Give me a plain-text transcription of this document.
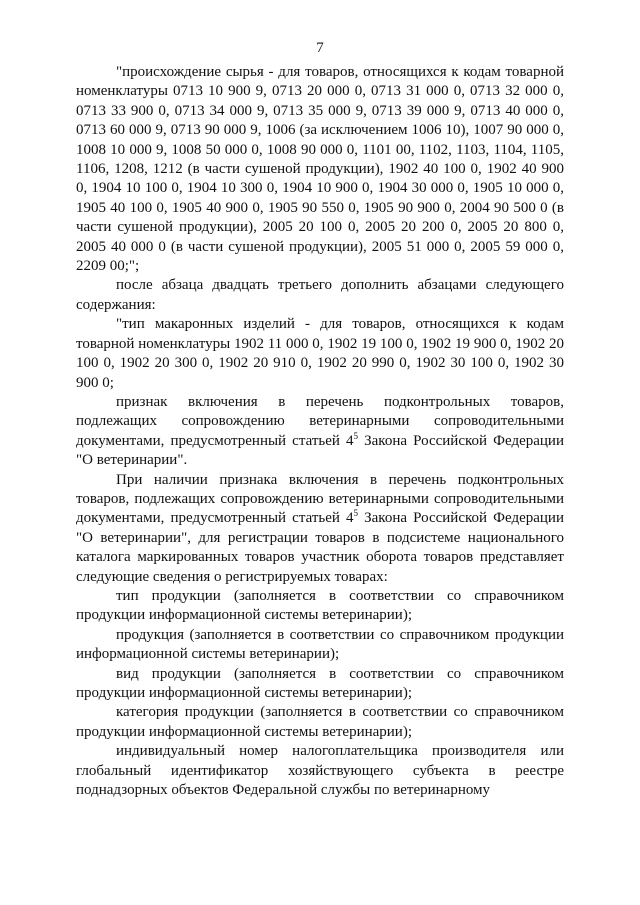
7

"происхождение сырья - для товаров, относящихся к кодам товарной номенклатуры 0713 10 900 9, 0713 20 000 0, 0713 31 000 0, 0713 32 000 0, 0713 33 900 0, 0713 34 000 9, 0713 35 000 9, 0713 39 000 9, 0713 40 000 0, 0713 60 000 9, 0713 90 000 9, 1006 (за исключением 1006 10), 1007 90 000 0, 1008 10 000 9, 1008 50 000 0, 1008 90 000 0, 1101 00, 1102, 1103, 1104, 1105, 1106, 1208, 1212 (в части сушеной продукции), 1902 40 100 0, 1902 40 900 0, 1904 10 100 0, 1904 10 300 0, 1904 10 900 0, 1904 30 000 0, 1905 10 000 0, 1905 40 100 0, 1905 40 900 0, 1905 90 550 0, 1905 90 900 0, 2004 90 500 0 (в части сушеной продукции), 2005 20 100 0, 2005 20 200 0, 2005 20 800 0, 2005 40 000 0 (в части сушеной продукции), 2005 51 000 0, 2005 59 000 0, 2209 00;";

после абзаца двадцать третьего дополнить абзацами следующего содержания:

"тип макаронных изделий - для товаров, относящихся к кодам товарной номенклатуры 1902 11 000 0, 1902 19 100 0, 1902 19 900 0, 1902 20 100 0, 1902 20 300 0, 1902 20 910 0, 1902 20 990 0, 1902 30 100 0, 1902 30 900 0;

признак включения в перечень подконтрольных товаров, подлежащих сопровождению ветеринарными сопроводительными документами, предусмотренный статьей $4^5$ Закона Российской Федерации "О ветеринарии".

При наличии признака включения в перечень подконтрольных товаров, подлежащих сопровождению ветеринарными сопроводительными документами, предусмотренный статьей $4^5$ Закона Российской Федерации "О ветеринарии", для регистрации товаров в подсистеме национального каталога маркированных товаров участник оборота товаров представляет следующие сведения о регистрируемых товарах:

тип продукции (заполняется в соответствии со справочником продукции информационной системы ветеринарии);

продукция (заполняется в соответствии со справочником продукции информационной системы ветеринарии);

вид продукции (заполняется в соответствии со справочником продукции информационной системы ветеринарии);

категория продукции (заполняется в соответствии со справочником продукции информационной системы ветеринарии);

индивидуальный номер налогоплательщика производителя или глобальный идентификатор хозяйствующего субъекта в реестре поднадзорных объектов Федеральной службы по ветеринарному
